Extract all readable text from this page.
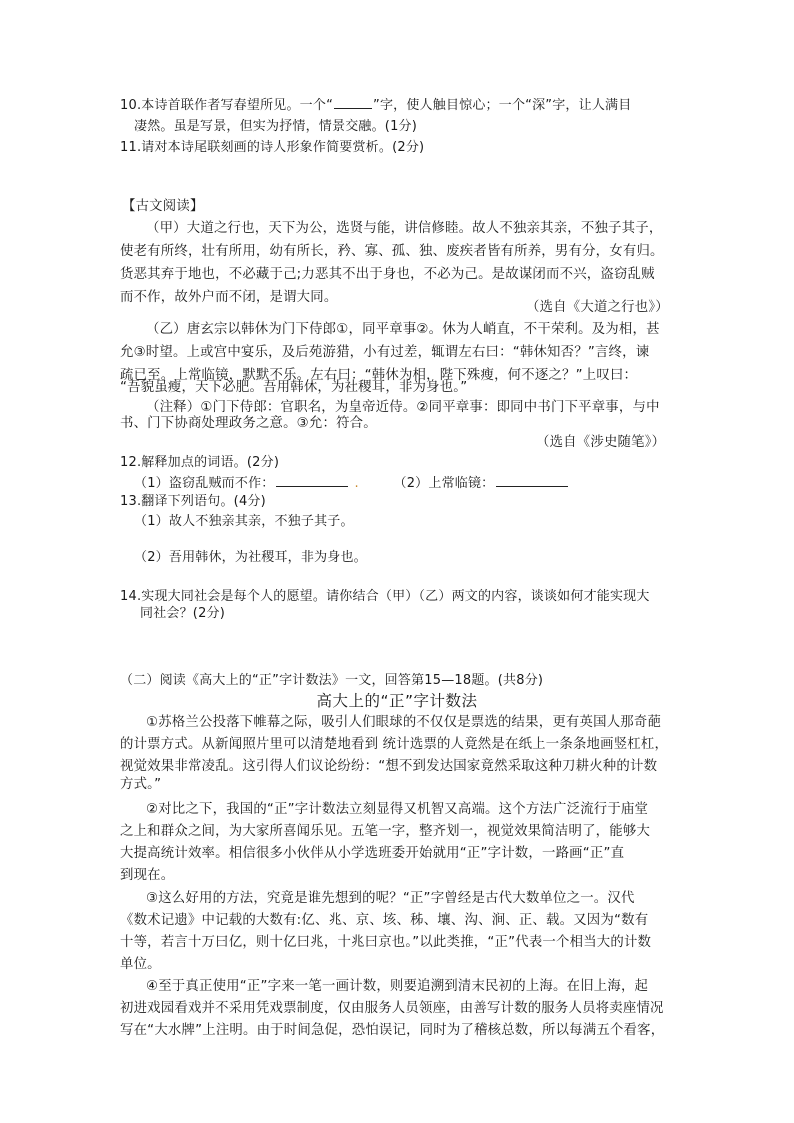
10.本诗首联作者写春望所见。一个“	”字，使人触目惊心；一个“深”字，让人满目
凄然。虽是写景，但实为抒情，情景交融。(1分)
11.请对本诗尾联刻画的诗人形象作简要赏析。(2分)
【古文阅读】
（甲）大道之行也，天下为公，选贤与能，讲信修睦。故人不独亲其亲，不独子其子，
使老有所终，壮有所用，幼有所长，矜、寡、孤、独、废疾者皆有所养，男有分，女有归。
货恶其弃于地也，不必藏于己;力恶其不出于身也，不必为己。是故谋闭而不兴，盗窃乱贼
而不作，故外户而不闭，是谓大同。
（选自《大道之行也》）
（乙）唐玄宗以韩休为门下侍郎①，同平章事②。休为人峭直，不干荣利。及为相，甚
允③时望。上或宫中宴乐，及后苑游猎，小有过差，辄谓左右曰：“韩休知否？”言终，谏
疏已至。上常临镜，默默不乐。左右曰：“韩休为相，陛下殊瘦，何不逐之？”上叹曰：
“吾貌虽瘦，天下必肥。吾用韩休，为社稷耳，非为身也。”
（注释）①门下侍郎：官职名，为皇帝近侍。②同平章事：即同中书门下平章事，与中
书、门下协商处理政务之意。③允：符合。
（选自《涉史随笔》）
12.解释加点的词语。(2分)
（1）盗窃乱贼而不作：	.	（2）上常临镜：
13.翻译下列语句。(4分)
（1）故人不独亲其亲，不独子其子。
（2）吾用韩休，为社稷耳，非为身也。
14.实现大同社会是每个人的愿望。请你结合（甲）（乙）两文的内容，谈谈如何才能实现大
同社会？(2分)
（二）阅读《高大上的“正”字计数法》一文，回答第15—18题。(共8分)
高大上的“正”字计数法
①苏格兰公投落下帷幕之际，吸引人们眼球的不仅仅是票选的结果，更有英国人那奇葩
的计票方式。从新闻照片里可以清楚地看到 统计选票的人竟然是在纸上一条条地画竖杠杠，
视觉效果非常凌乱。这引得人们议论纷纷：“想不到发达国家竟然采取这种刀耕火种的计数
方式。”
②对比之下，我国的“正”字计数法立刻显得又机智又高端。这个方法广泛流行于庙堂
之上和群众之间，为大家所喜闻乐见。五笔一字，整齐划一，视觉效果简洁明了，能够大
大提高统计效率。相信很多小伙伴从小学选班委开始就用“正”字计数，一路画“正”直
到现在。
③这么好用的方法，究竟是谁先想到的呢？“正”字曾经是古代大数单位之一。汉代
《数术记遗》中记载的大数有:亿、兆、京、垓、秭、壤、沟、涧、正、载。又因为“数有
十等，若言十万曰亿，则十亿曰兆，十兆曰京也。”以此类推，“正”代表一个相当大的计数
单位。
④至于真正使用“正”字来一笔一画计数，则要追溯到清末民初的上海。在旧上海，起
初进戏园看戏并不采用凭戏票制度，仅由服务人员领座，由善写计数的服务人员将卖座情况
写在“大水牌”上注明。由于时间急促，恐怕误记，同时为了稽核总数，所以每满五个看客，
